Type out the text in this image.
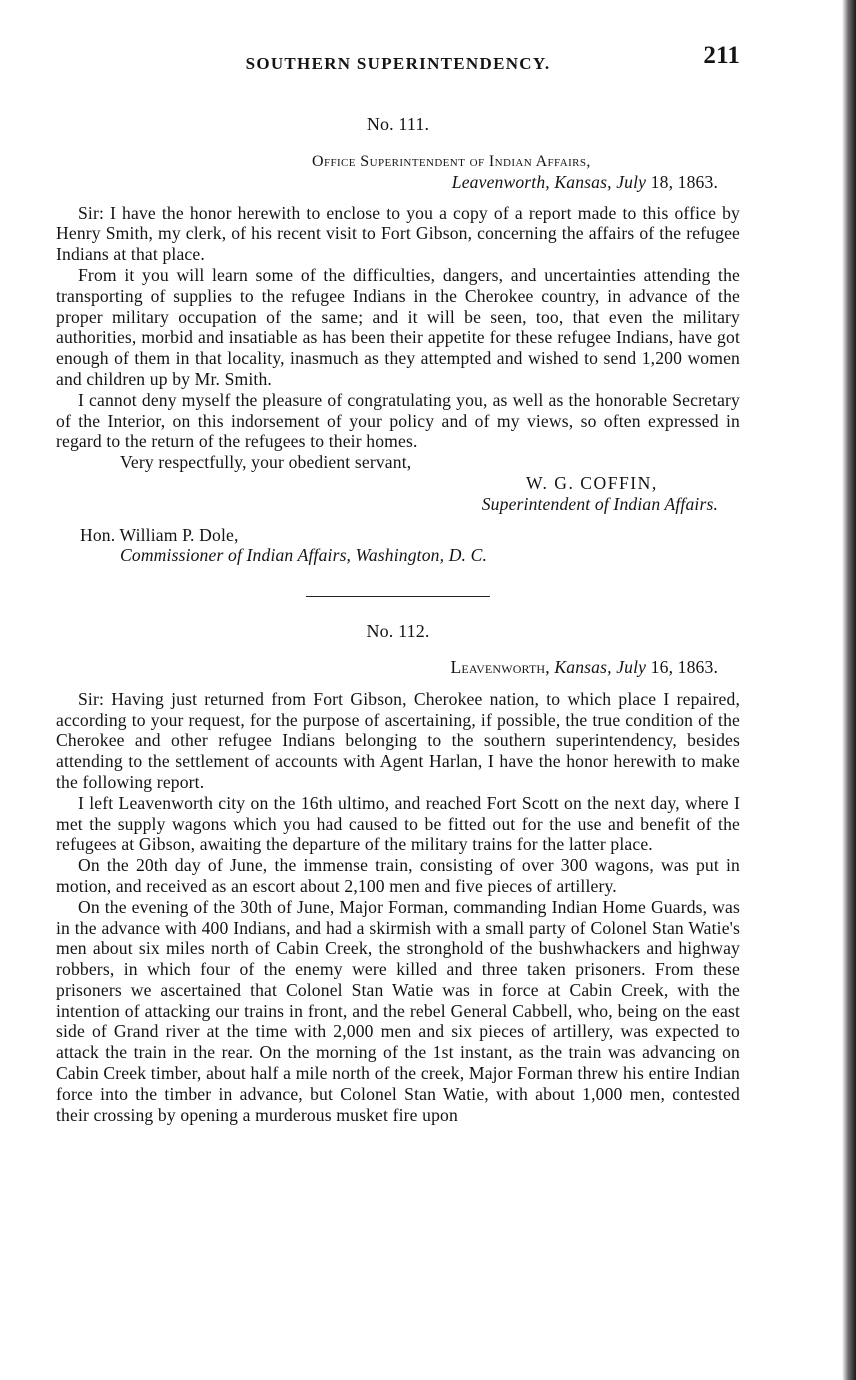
SOUTHERN SUPERINTENDENCY.	211
No. 111.
Office Superintendent of Indian Affairs,
Leavenworth, Kansas, July 18, 1863.

Sir: I have the honor herewith to enclose to you a copy of a report made to this office by Henry Smith, my clerk, of his recent visit to Fort Gibson, concerning the affairs of the refugee Indians at that place.

From it you will learn some of the difficulties, dangers, and uncertainties attending the transporting of supplies to the refugee Indians in the Cherokee country, in advance of the proper military occupation of the same; and it will be seen, too, that even the military authorities, morbid and insatiable as has been their appetite for these refugee Indians, have got enough of them in that locality, inasmuch as they attempted and wished to send 1,200 women and children up by Mr. Smith.

I cannot deny myself the pleasure of congratulating you, as well as the honorable Secretary of the Interior, on this indorsement of your policy and of my views, so often expressed in regard to the return of the refugees to their homes.

Very respectfully, your obedient servant,

W. G. COFFIN,

Superintendent of Indian Affairs.

Hon. William P. Dole,

Commissioner of Indian Affairs, Washington, D. C.

No. 112.
Leavenworth, Kansas, July 16, 1863.

Sir: Having just returned from Fort Gibson, Cherokee nation, to which place I repaired, according to your request, for the purpose of ascertaining, if possible, the true condition of the Cherokee and other refugee Indians belonging to the southern superintendency, besides attending to the settlement of accounts with Agent Harlan, I have the honor herewith to make the following report.

I left Leavenworth city on the 16th ultimo, and reached Fort Scott on the next day, where I met the supply wagons which you had caused to be fitted out for the use and benefit of the refugees at Gibson, awaiting the departure of the military trains for the latter place.

On the 20th day of June, the immense train, consisting of over 300 wagons, was put in motion, and received as an escort about 2,100 men and five pieces of artillery.

On the evening of the 30th of June, Major Forman, commanding Indian Home Guards, was in the advance with 400 Indians, and had a skirmish with a small party of Colonel Stan Watie's men about six miles north of Cabin Creek, the stronghold of the bushwhackers and highway robbers, in which four of the enemy were killed and three taken prisoners. From these prisoners we ascertained that Colonel Stan Watie was in force at Cabin Creek, with the intention of attacking our trains in front, and the rebel General Cabbell, who, being on the east side of Grand river at the time with 2,000 men and six pieces of artillery, was expected to attack the train in the rear. On the morning of the 1st instant, as the train was advancing on Cabin Creek timber, about half a mile north of the creek, Major Forman threw his entire Indian force into the timber in advance, but Colonel Stan Watie, with about 1,000 men, contested their crossing by opening a murderous musket fire upon
